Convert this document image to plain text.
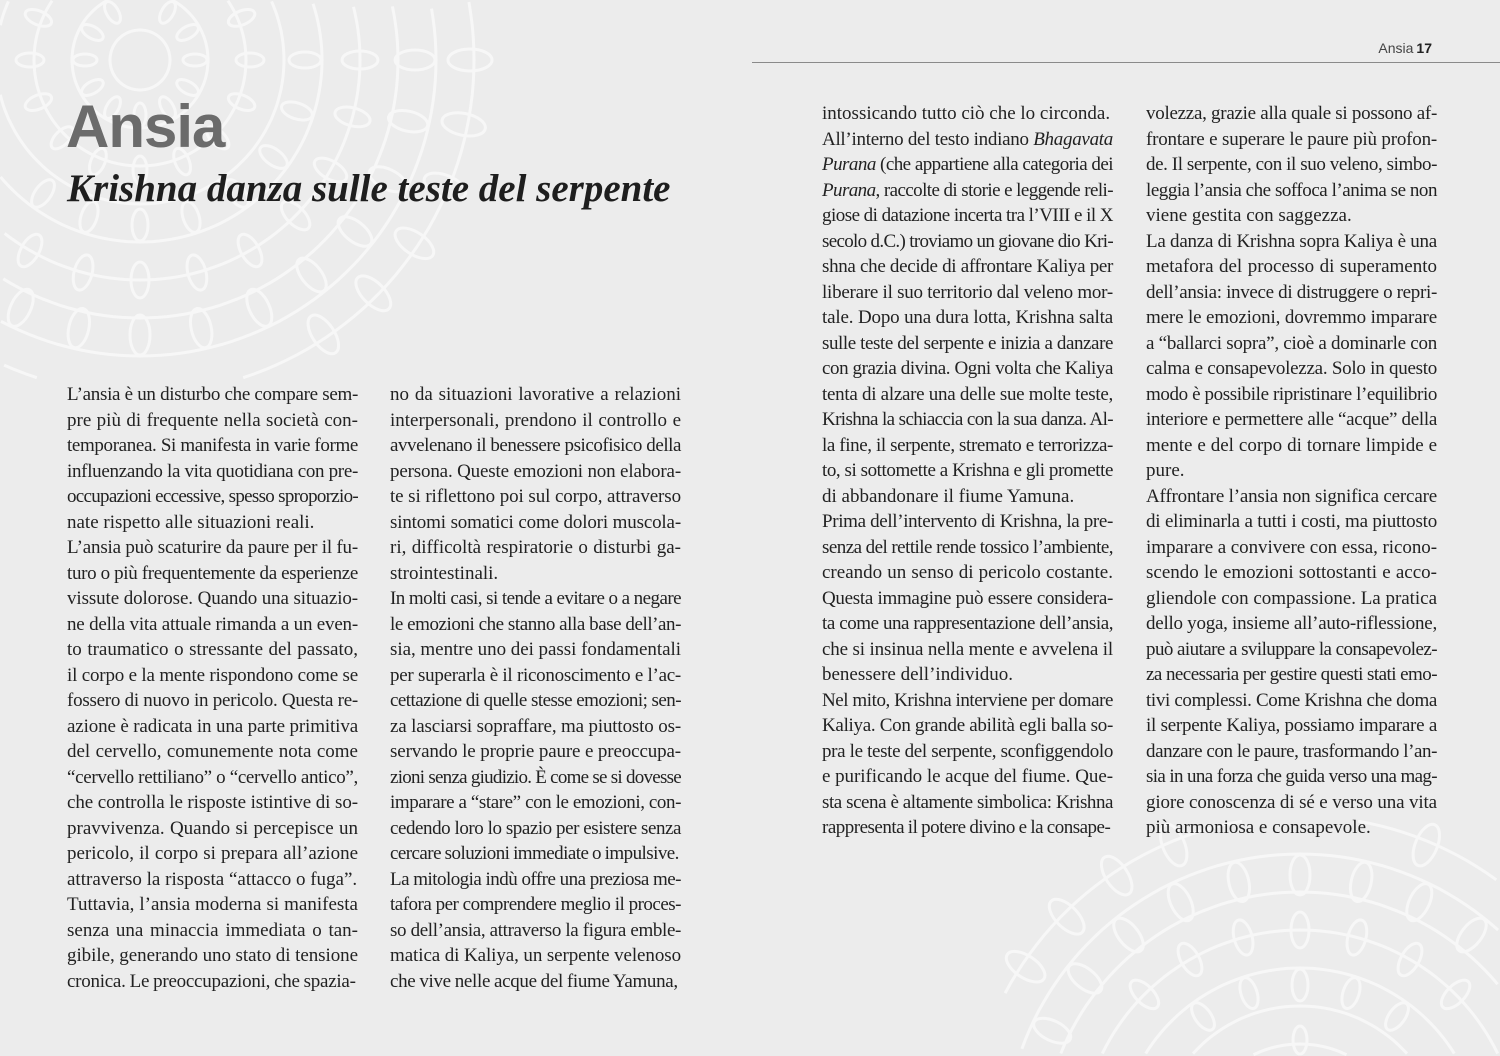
Ansia 17
Ansia
Krishna danza sulle teste del serpente
L’ansia è un disturbo che compare sem-
pre più di frequente nella società con-
temporanea. Si manifesta in varie forme
influenzando la vita quotidiana con pre-
occupazioni eccessive, spesso sproporzio-
nate rispetto alle situazioni reali.
L’ansia può scaturire da paure per il fu-
turo o più frequentemente da esperienze
vissute dolorose. Quando una situazio-
ne della vita attuale rimanda a un even-
to traumatico o stressante del passato,
il corpo e la mente rispondono come se
fossero di nuovo in pericolo. Questa re-
azione è radicata in una parte primitiva
del cervello, comunemente nota come
“cervello rettiliano” o “cervello antico”,
che controlla le risposte istintive di so-
pravvivenza. Quando si percepisce un
pericolo, il corpo si prepara all’azione
attraverso la risposta “attacco o fuga”.
Tuttavia, l’ansia moderna si manifesta
senza una minaccia immediata o tan-
gibile, generando uno stato di tensione
cronica. Le preoccupazioni, che spazia-
no da situazioni lavorative a relazioni
interpersonali, prendono il controllo e
avvelenano il benessere psicofisico della
persona. Queste emozioni non elabora-
te si riflettono poi sul corpo, attraverso
sintomi somatici come dolori muscola-
ri, difficoltà respiratorie o disturbi ga-
strointestinali.
In molti casi, si tende a evitare o a negare
le emozioni che stanno alla base dell’an-
sia, mentre uno dei passi fondamentali
per superarla è il riconoscimento e l’ac-
cettazione di quelle stesse emozioni; sen-
za lasciarsi sopraffare, ma piuttosto os-
servando le proprie paure e preoccupa-
zioni senza giudizio. È come se si dovesse
imparare a “stare” con le emozioni, con-
cedendo loro lo spazio per esistere senza
cercare soluzioni immediate o impulsive.
La mitologia indù offre una preziosa me-
tafora per comprendere meglio il proces-
so dell’ansia, attraverso la figura emble-
matica di Kaliya, un serpente velenoso
che vive nelle acque del fiume Yamuna,
intossicando tutto ciò che lo circonda.
All’interno del testo indiano Bhagavata
Purana (che appartiene alla categoria dei
Purana, raccolte di storie e leggende reli-
giose di datazione incerta tra l’VIII e il X
secolo d.C.) troviamo un giovane dio Kri-
shna che decide di affrontare Kaliya per
liberare il suo territorio dal veleno mor-
tale. Dopo una dura lotta, Krishna salta
sulle teste del serpente e inizia a danzare
con grazia divina. Ogni volta che Kaliya
tenta di alzare una delle sue molte teste,
Krishna la schiaccia con la sua danza. Al-
la fine, il serpente, stremato e terrorizza-
to, si sottomette a Krishna e gli promette
di abbandonare il fiume Yamuna.
Prima dell’intervento di Krishna, la pre-
senza del rettile rende tossico l’ambiente,
creando un senso di pericolo costante.
Questa immagine può essere considera-
ta come una rappresentazione dell’ansia,
che si insinua nella mente e avvelena il
benessere dell’individuo.
Nel mito, Krishna interviene per domare
Kaliya. Con grande abilità egli balla so-
pra le teste del serpente, sconfiggendolo
e purificando le acque del fiume. Que-
sta scena è altamente simbolica: Krishna
rappresenta il potere divino e la consape-
volezza, grazie alla quale si possono af-
frontare e superare le paure più profon-
de. Il serpente, con il suo veleno, simbo-
leggia l’ansia che soffoca l’anima se non
viene gestita con saggezza.
La danza di Krishna sopra Kaliya è una
metafora del processo di superamento
dell’ansia: invece di distruggere o repri-
mere le emozioni, dovremmo imparare
a “ballarci sopra”, cioè a dominarle con
calma e consapevolezza. Solo in questo
modo è possibile ripristinare l’equilibrio
interiore e permettere alle “acque” della
mente e del corpo di tornare limpide e
pure.
Affrontare l’ansia non significa cercare
di eliminarla a tutti i costi, ma piuttosto
imparare a convivere con essa, ricono-
scendo le emozioni sottostanti e acco-
gliendole con compassione. La pratica
dello yoga, insieme all’auto-riflessione,
può aiutare a sviluppare la consapevolez-
za necessaria per gestire questi stati emo-
tivi complessi. Come Krishna che doma
il serpente Kaliya, possiamo imparare a
danzare con le paure, trasformando l’an-
sia in una forza che guida verso una mag-
giore conoscenza di sé e verso una vita
più armoniosa e consapevole.
